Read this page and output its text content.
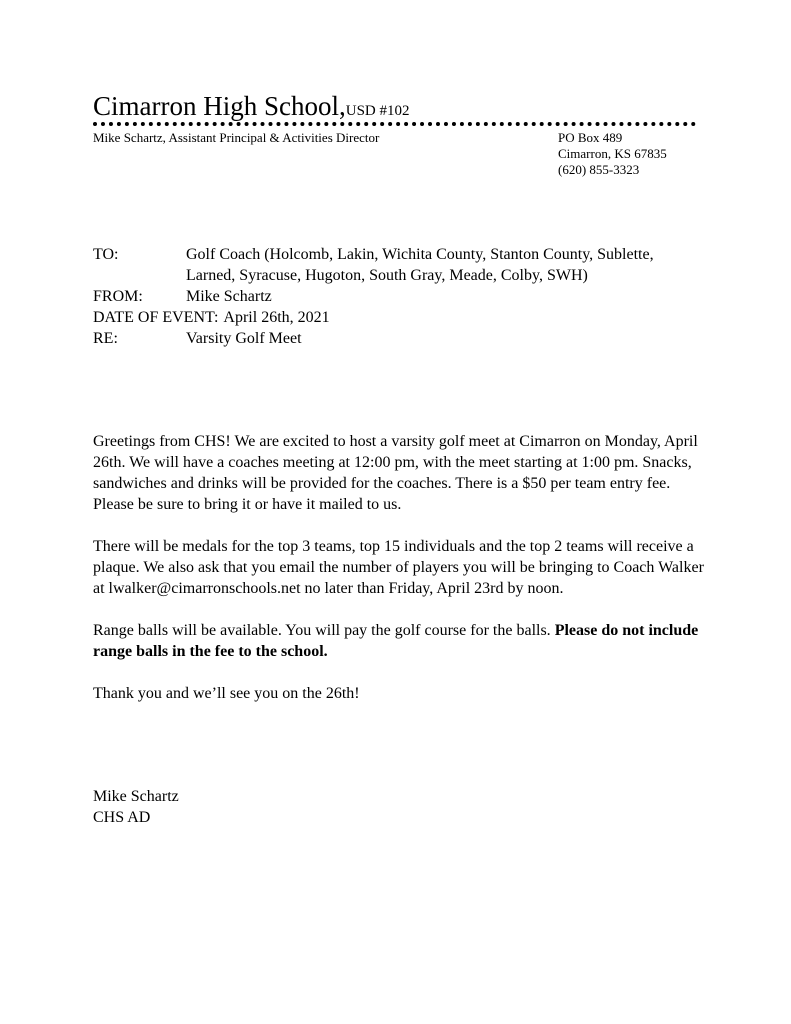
Cimarron High School,USD #102
Mike Schartz, Assistant Principal & Activities Director	PO Box 489
Cimarron, KS 67835
(620) 855-3323
TO:	Golf Coach (Holcomb, Lakin, Wichita County, Stanton County, Sublette, Larned, Syracuse, Hugoton, South Gray, Meade, Colby, SWH)
FROM:	Mike Schartz
DATE OF EVENT: April 26th, 2021
RE:	Varsity Golf Meet

Greetings from CHS! We are excited to host a varsity golf meet at Cimarron on Monday, April 26th. We will have a coaches meeting at 12:00 pm, with the meet starting at 1:00 pm. Snacks, sandwiches and drinks will be provided for the coaches. There is a $50 per team entry fee. Please be sure to bring it or have it mailed to us.

There will be medals for the top 3 teams, top 15 individuals and the top 2 teams will receive a plaque. We also ask that you email the number of players you will be bringing to Coach Walker at lwalker@cimarronschools.net no later than Friday, April 23rd by noon.

Range balls will be available. You will pay the golf course for the balls. Please do not include range balls in the fee to the school.

Thank you and we’ll see you on the 26th!

Mike Schartz
CHS AD
